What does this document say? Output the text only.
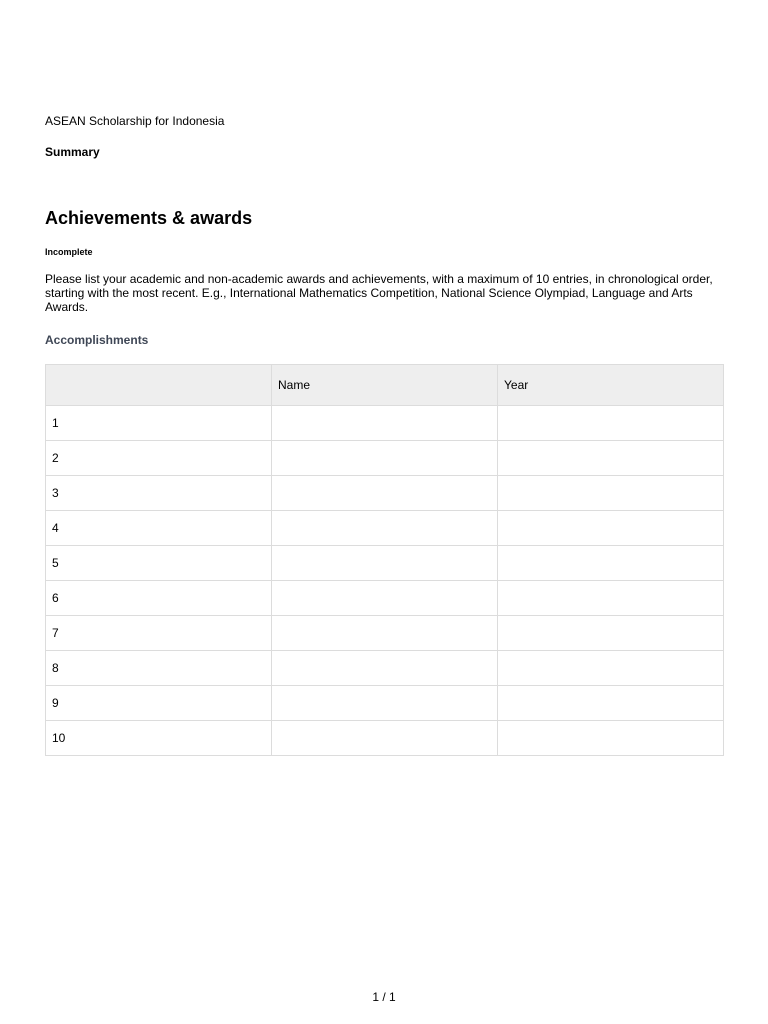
ASEAN Scholarship for Indonesia
Summary
Achievements & awards
Incomplete
Please list your academic and non-academic awards and achievements, with a maximum of 10 entries, in chronological order, starting with the most recent. E.g., International Mathematics Competition, National Science Olympiad, Language and Arts Awards.
Accomplishments
	Name	Year
1		
2		
3		
4		
5		
6		
7		
8		
9		
10		
1 / 1
